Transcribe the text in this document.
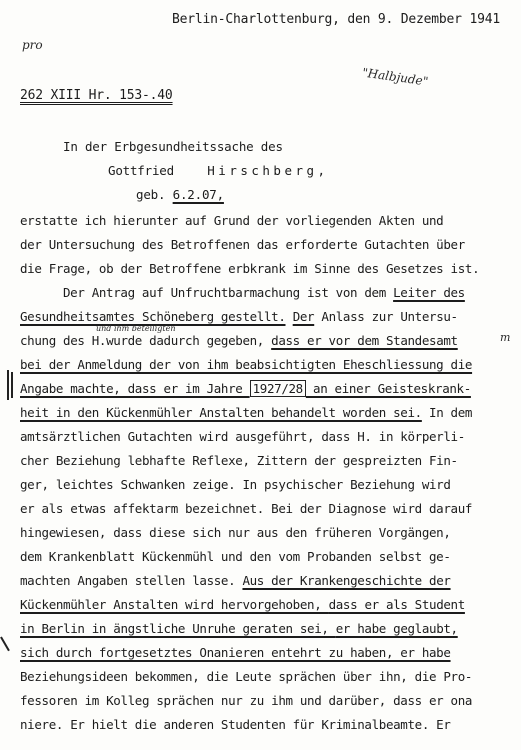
Berlin-Charlottenburg, den 9. Dezember 1941
pro
262 XIII Hr. 153-.40
"Halbjude"
In der Erbgesundheitssache des
Gottfried	Hirschberg,
geb. 6.2.07,
erstatte ich hierunter auf Grund der vorliegenden Akten und
der Untersuchung des Betroffenen das erforderte Gutachten über
die Frage, ob der Betroffene erbkrank im Sinne des Gesetzes ist.
Der Antrag auf Unfruchtbarmachung ist von dem Leiter des
Gesundheitsamtes Schöneberg gestellt. Der Anlass zur Untersu-
und ihm beteiligten
chung des H.wurde dadurch gegeben, dass er vor dem Standesamt	m
bei der Anmeldung der von ihm beabsichtigten Eheschliessung die
Angabe machte, dass er im Jahre 1927/28 an einer Geisteskrank-
heit in den Kückenmühler Anstalten behandelt worden sei. In dem
amtsärztlichen Gutachten wird ausgeführt, dass H. in körperli-
cher Beziehung lebhafte Reflexe, Zittern der gespreizten Fin-
ger, leichtes Schwanken zeige. In psychischer Beziehung wird
er als etwas affektarm bezeichnet. Bei der Diagnose wird darauf
hingewiesen, dass diese sich nur aus den früheren Vorgängen,
dem Krankenblatt Kückenmühl und den vom Probanden selbst ge-
machten Angaben stellen lasse. Aus der Krankengeschichte der
Kückenmühler Anstalten wird hervorgehoben, dass er als Student
in Berlin in ängstliche Unruhe geraten sei, er habe geglaubt,
sich durch fortgesetztes Onanieren entehrt zu haben, er habe
Beziehungsideen bekommen, die Leute sprächen über ihn, die Pro-
fessoren im Kolleg sprächen nur zu ihm und darüber, dass er ona
niere. Er hielt die anderen Studenten für Kriminalbeamte. Er
